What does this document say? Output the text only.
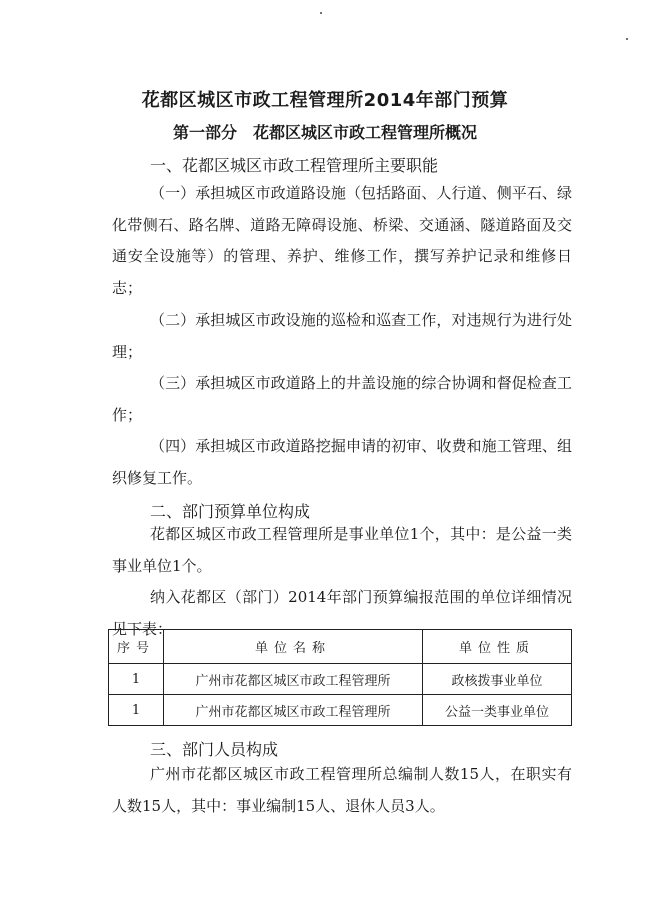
花都区城区市政工程管理所2014年部门预算
第一部分　花都区城区市政工程管理所概况
一、花都区城区市政工程管理所主要职能
（一）承担城区市政道路设施（包括路面、人行道、侧平石、绿化带侧石、路名牌、道路无障碍设施、桥梁、交通涵、隧道路面及交通安全设施等）的管理、养护、维修工作，撰写养护记录和维修日志；
（二）承担城区市政设施的巡检和巡查工作，对违规行为进行处理；
（三）承担城区市政道路上的井盖设施的综合协调和督促检查工作；
（四）承担城区市政道路挖掘申请的初审、收费和施工管理、组织修复工作。
二、部门预算单位构成
花都区城区市政工程管理所是事业单位1个，其中：是公益一类事业单位1个。
纳入花都区（部门）2014年部门预算编报范围的单位详细情况见下表：
序号	单位名称	单位性质
1	广州市花都区城区市政工程管理所	政核拨事业单位
1	广州市花都区城区市政工程管理所	公益一类事业单位
三、部门人员构成
广州市花都区城区市政工程管理所总编制人数15人，在职实有人数15人，其中：事业编制15人、退休人员3人。
